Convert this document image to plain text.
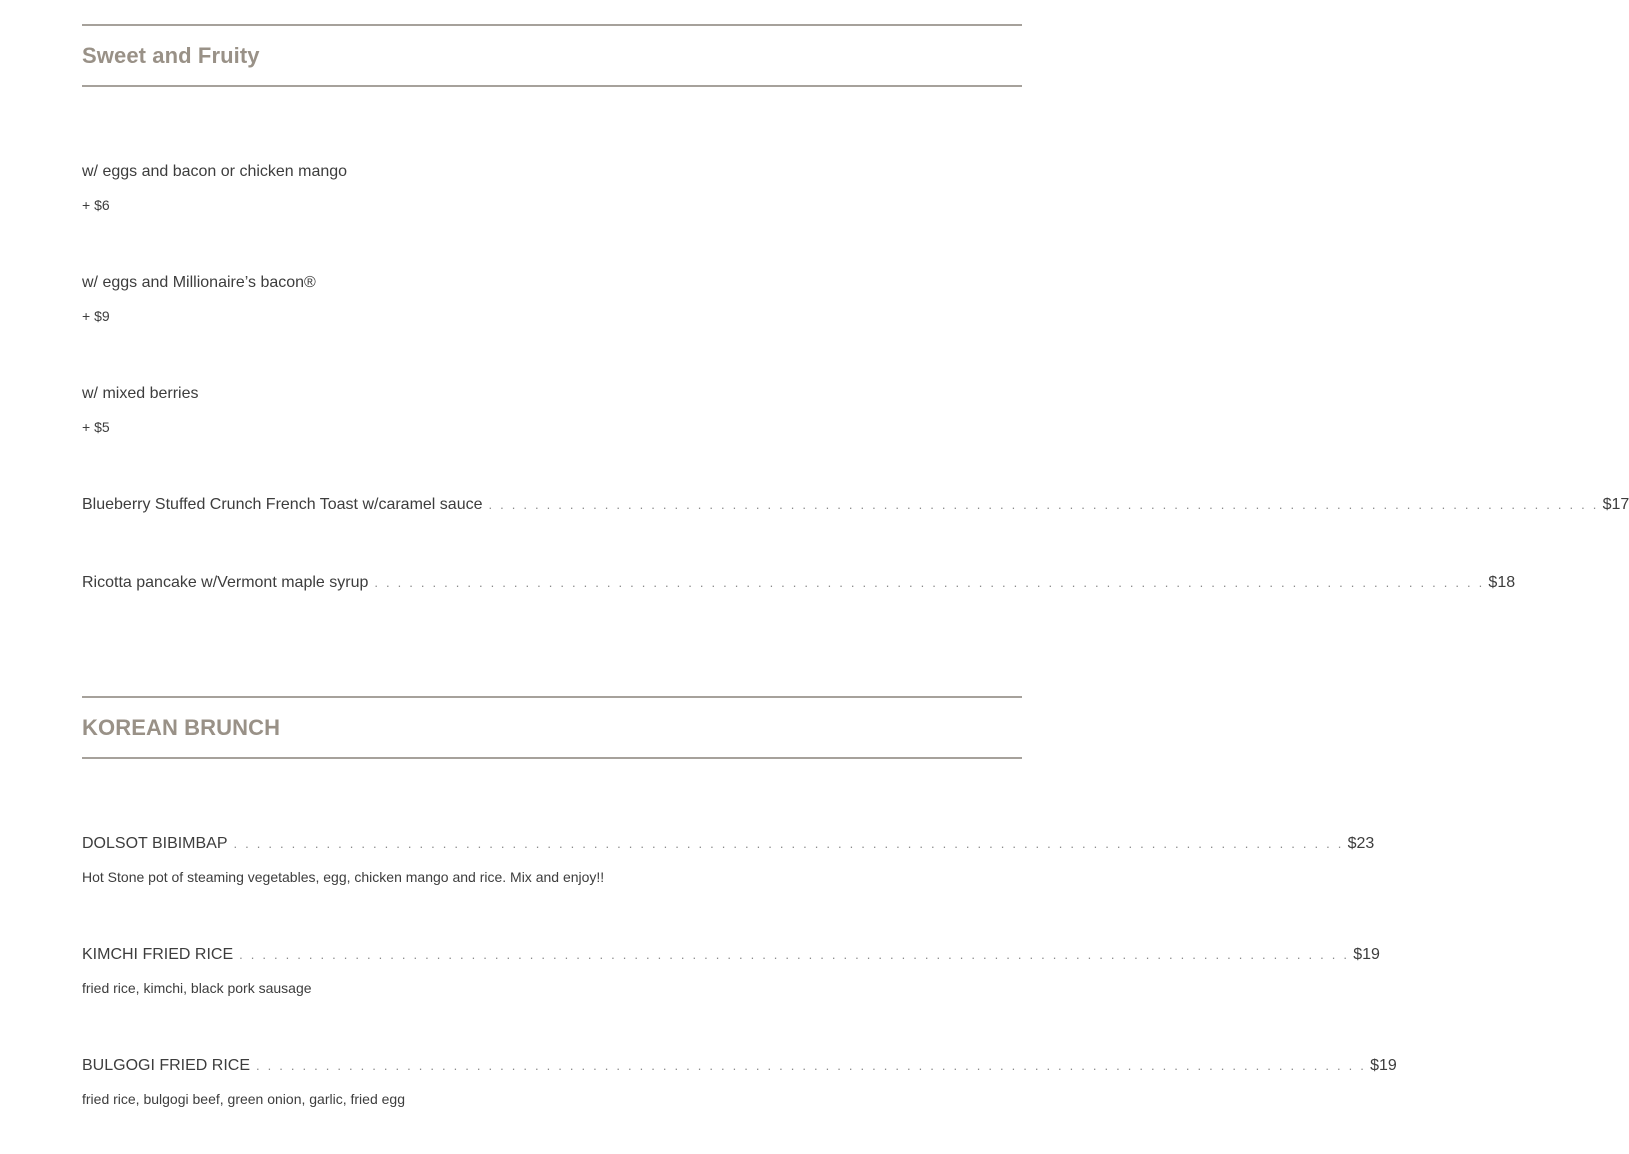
Sweet and Fruity
w/ eggs and bacon or chicken mango
+ $6
w/ eggs and Millionaire’s bacon®
+ $9
w/ mixed berries
+ $5
Blueberry Stuffed Crunch French Toast w/caramel sauce . . . . . . . . . . . . . . . . . . . . . . . . . . . . . . . . . . . . . . . . . . . . . . . . . . . . . . . . . . . . . . . . . . . . . . . . . . . . . . . . . . . . . . . . . . . . . . . . $17
Ricotta pancake w/Vermont maple syrup . . . . . . . . . . . . . . . . . . . . . . . . . . . . . . . . . . . . . . . . . . . . . . . . . . . . . . . . . . . . . . . . . . . . . . . . . . . . . . . . . . . . . . . . . . . . . . . . $18
KOREAN BRUNCH
DOLSOT BIBIMBAP . . . . . . . . . . . . . . . . . . . . . . . . . . . . . . . . . . . . . . . . . . . . . . . . . . . . . . . . . . . . . . . . . . . . . . . . . . . . . . . . . . . . . . . . . . . . . . . . $23
Hot Stone pot of steaming vegetables, egg, chicken mango and rice. Mix and enjoy!!
KIMCHI FRIED RICE . . . . . . . . . . . . . . . . . . . . . . . . . . . . . . . . . . . . . . . . . . . . . . . . . . . . . . . . . . . . . . . . . . . . . . . . . . . . . . . . . . . . . . . . . . . . . . . . $19
fried rice, kimchi, black pork sausage
BULGOGI FRIED RICE . . . . . . . . . . . . . . . . . . . . . . . . . . . . . . . . . . . . . . . . . . . . . . . . . . . . . . . . . . . . . . . . . . . . . . . . . . . . . . . . . . . . . . . . . . . . . . . . $19
fried rice, bulgogi beef, green onion, garlic, fried egg
